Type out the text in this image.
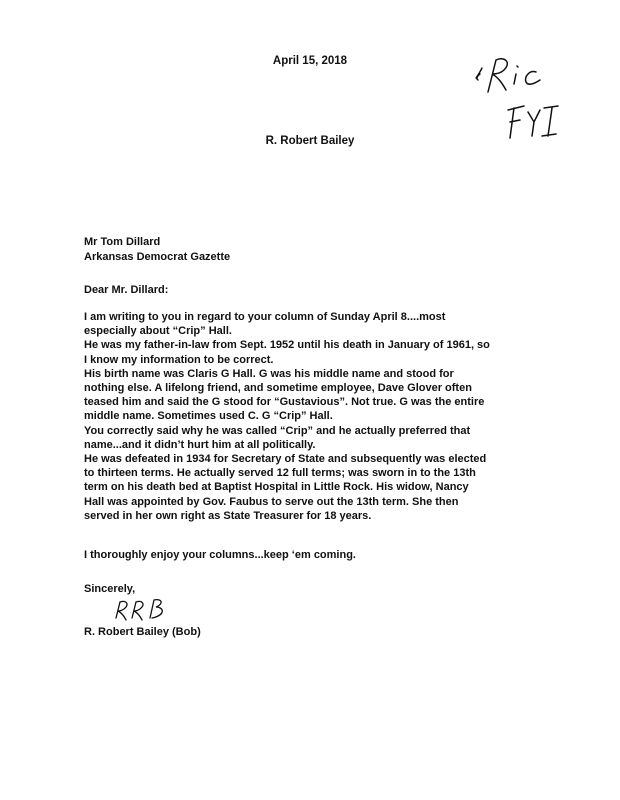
April 15, 2018
R. Robert Bailey
Mr Tom Dillard
Arkansas Democrat Gazette
Dear Mr. Dillard:

I am writing to you in regard to your column of Sunday April 8....most

especially about “Crip” Hall.

He was my father-in-law from Sept. 1952 until his death in January of 1961, so

I know my information to be correct.

His birth name was Claris G Hall. G was his middle name and stood for

nothing else. A lifelong friend, and sometime employee, Dave Glover often

teased him and said the G stood for “Gustavious”. Not true. G was the entire

middle name. Sometimes used C. G “Crip” Hall.

You correctly said why he was called “Crip” and he actually preferred that

name...and it didn’t hurt him at all politically.

He was defeated in 1934 for Secretary of State and subsequently was elected

to thirteen terms. He actually served 12 full terms; was sworn in to the 13th

term on his death bed at Baptist Hospital in Little Rock. His widow, Nancy

Hall was appointed by Gov. Faubus to serve out the 13th term. She then

served in her own right as State Treasurer for 18 years.

I thoroughly enjoy your columns...keep ‘em coming.
Sincerely,
R. Robert Bailey (Bob)
